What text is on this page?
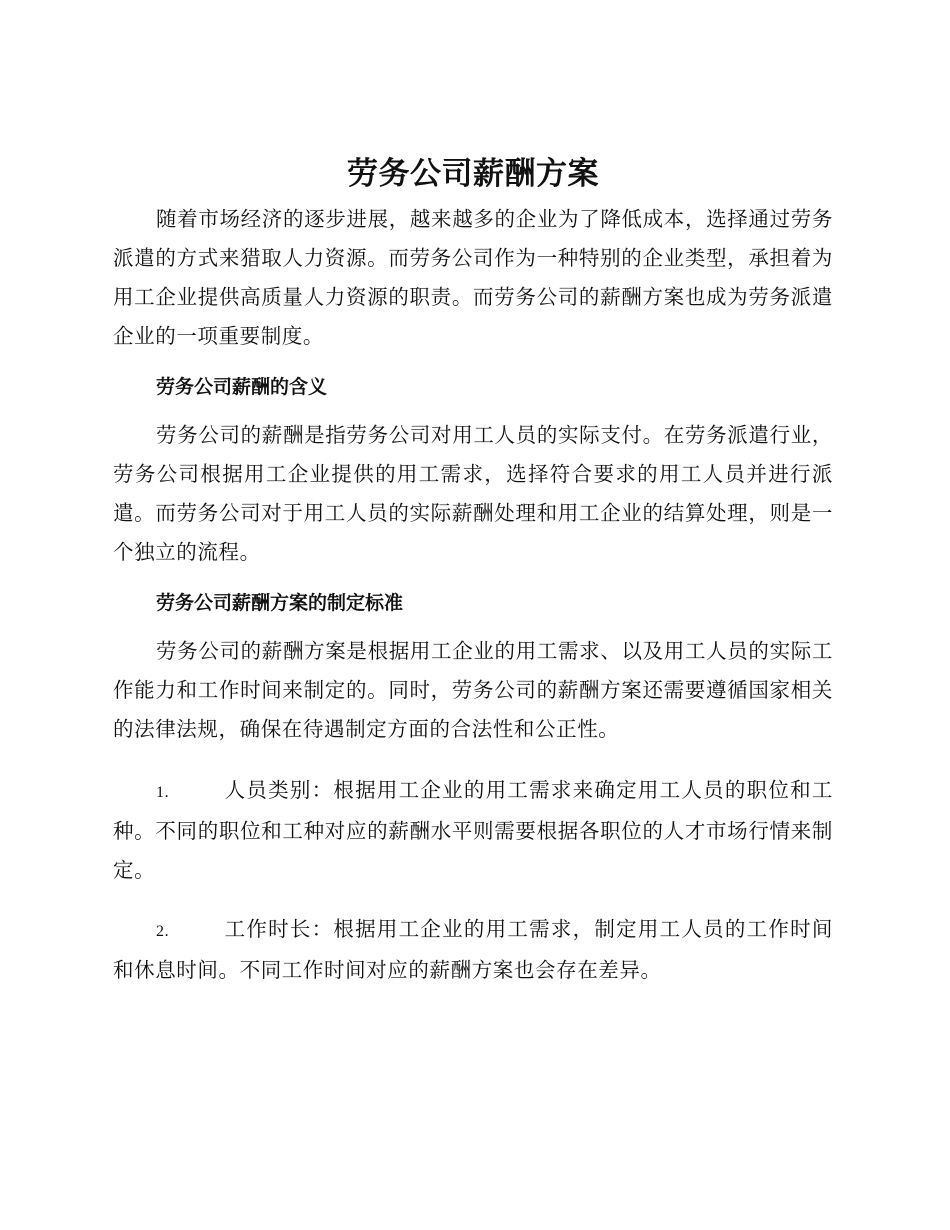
劳务公司薪酬方案

随着市场经济的逐步进展，越来越多的企业为了降低成本，选择通过劳务派遣的方式来猎取人力资源。而劳务公司作为一种特别的企业类型，承担着为用工企业提供高质量人力资源的职责。而劳务公司的薪酬方案也成为劳务派遣企业的一项重要制度。

劳务公司薪酬的含义

劳务公司的薪酬是指劳务公司对用工人员的实际支付。在劳务派遣行业，劳务公司根据用工企业提供的用工需求，选择符合要求的用工人员并进行派遣。而劳务公司对于用工人员的实际薪酬处理和用工企业的结算处理，则是一个独立的流程。

劳务公司薪酬方案的制定标准

劳务公司的薪酬方案是根据用工企业的用工需求、以及用工人员的实际工作能力和工作时间来制定的。同时，劳务公司的薪酬方案还需要遵循国家相关的法律法规，确保在待遇制定方面的合法性和公正性。

1.	人员类别：根据用工企业的用工需求来确定用工人员的职位和工种。不同的职位和工种对应的薪酬水平则需要根据各职位的人才市场行情来制定。

2.	工作时长：根据用工企业的用工需求，制定用工人员的工作时间和休息时间。不同工作时间对应的薪酬方案也会存在差异。
